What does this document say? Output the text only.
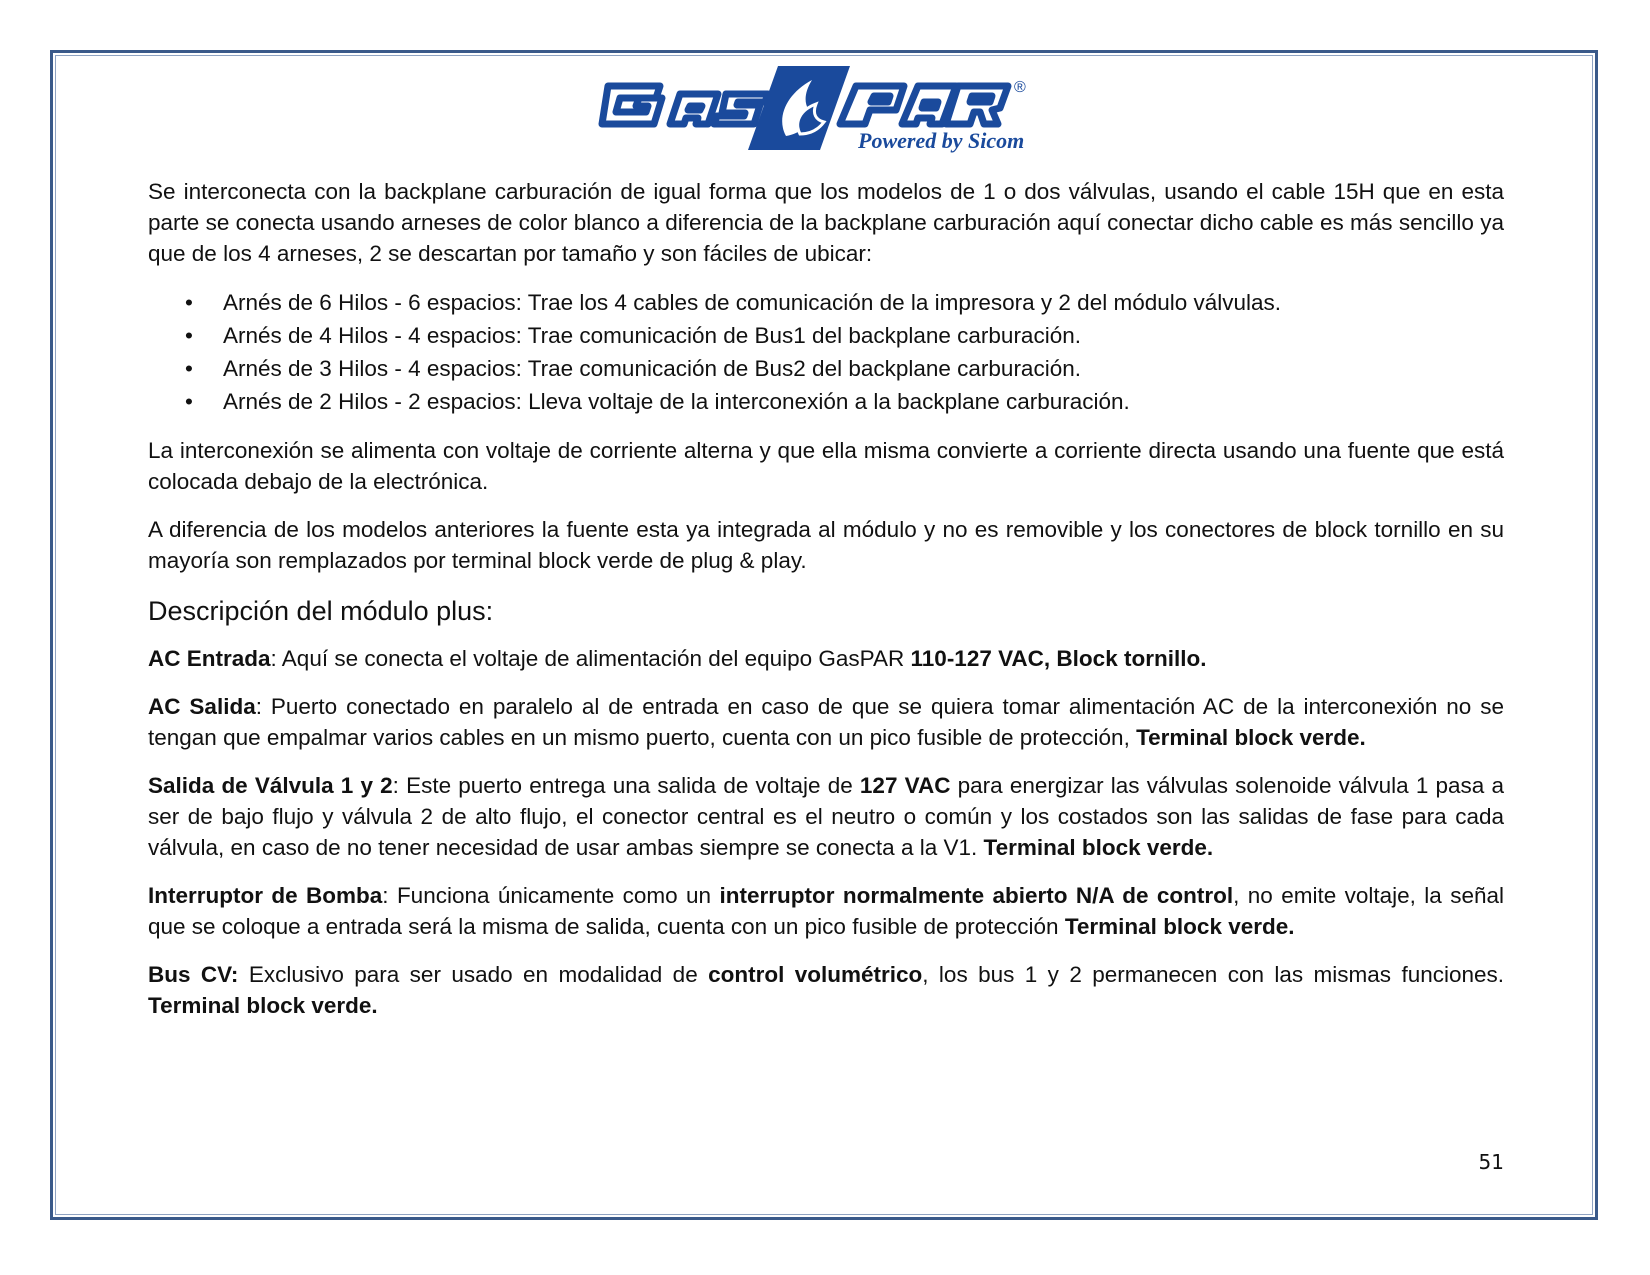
®
Powered by Sicom

Se interconecta con la backplane carburación de igual forma que los modelos de 1 o dos válvulas, usando el cable 15H que en esta parte se conecta usando arneses de color blanco a diferencia de la backplane carburación aquí conectar dicho cable es más sencillo ya que de los 4 arneses, 2 se descartan por tamaño y son fáciles de ubicar:

• Arnés de 6 Hilos - 6 espacios: Trae los 4 cables de comunicación de la impresora y 2 del módulo válvulas.
• Arnés de 4 Hilos - 4 espacios: Trae comunicación de Bus1 del backplane carburación.
• Arnés de 3 Hilos - 4 espacios: Trae comunicación de Bus2 del backplane carburación.
• Arnés de 2 Hilos - 2 espacios: Lleva voltaje de la interconexión a la backplane carburación.

La interconexión se alimenta con voltaje de corriente alterna y que ella misma convierte a corriente directa usando una fuente que está colocada debajo de la electrónica.

A diferencia de los modelos anteriores la fuente esta ya integrada al módulo y no es removible y los conectores de block tornillo en su mayoría son remplazados por terminal block verde de plug & play.

Descripción del módulo plus:

AC Entrada: Aquí se conecta el voltaje de alimentación del equipo GasPAR 110-127 VAC, Block tornillo.

AC Salida: Puerto conectado en paralelo al de entrada en caso de que se quiera tomar alimentación AC de la interconexión no se tengan que empalmar varios cables en un mismo puerto, cuenta con un pico fusible de protección, Terminal block verde.

Salida de Válvula 1 y 2: Este puerto entrega una salida de voltaje de 127 VAC para energizar las válvulas solenoide válvula 1 pasa a ser de bajo flujo y válvula 2 de alto flujo, el conector central es el neutro o común y los costados son las salidas de fase para cada válvula, en caso de no tener necesidad de usar ambas siempre se conecta a la V1. Terminal block verde.

Interruptor de Bomba: Funciona únicamente como un interruptor normalmente abierto N/A de control, no emite voltaje, la señal que se coloque a entrada será la misma de salida, cuenta con un pico fusible de protección Terminal block verde.

Bus CV: Exclusivo para ser usado en modalidad de control volumétrico, los bus 1 y 2 permanecen con las mismas funciones. Terminal block verde.

51
